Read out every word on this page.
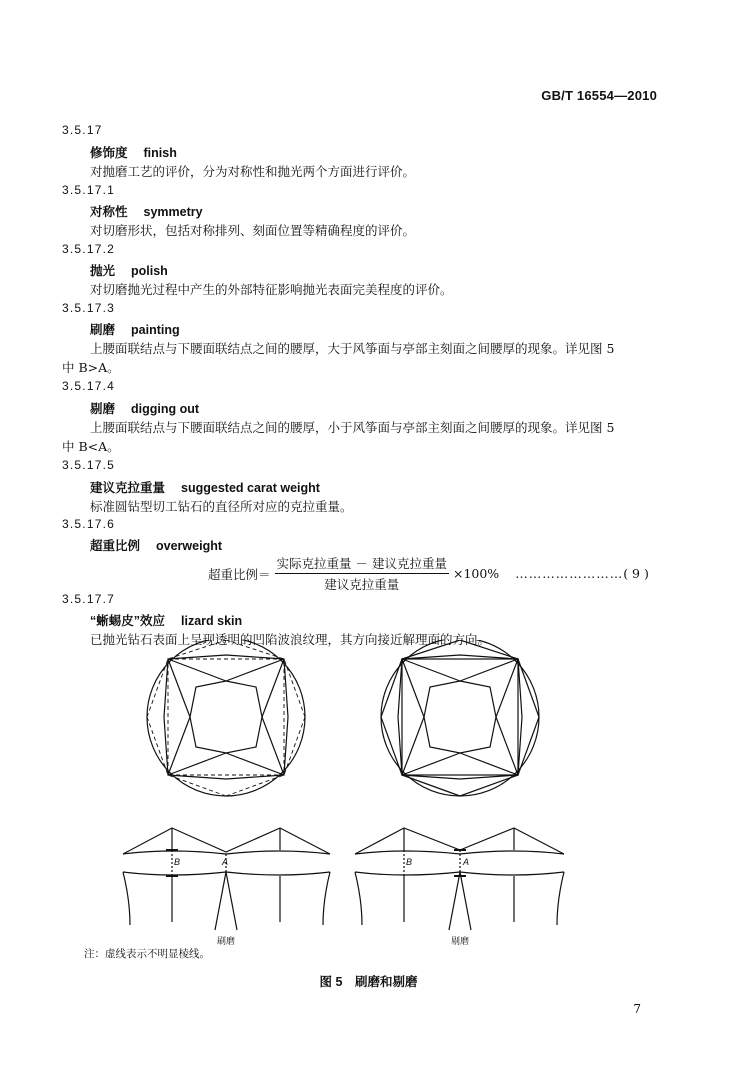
GB/T 16554—2010
3.5.17
修饰度 finish
对抛磨工艺的评价，分为对称性和抛光两个方面进行评价。
3.5.17.1
对称性 symmetry
对切磨形状，包括对称排列、刻面位置等精确程度的评价。
3.5.17.2
抛光 polish
对切磨抛光过程中产生的外部特征影响抛光表面完美程度的评价。
3.5.17.3
刷磨 painting
上腰面联结点与下腰面联结点之间的腰厚，大于风筝面与亭部主刻面之间腰厚的现象。详见图 5
中 B>A。
3.5.17.4
剔磨 digging out
上腰面联结点与下腰面联结点之间的腰厚，小于风筝面与亭部主刻面之间腰厚的现象。详见图 5
中 B<A。
3.5.17.5
建议克拉重量 suggested carat weight
标准圆钻型切工钻石的直径所对应的克拉重量。
3.5.17.6
超重比例 overweight
超重比例＝ $\frac{\text{实际克拉重量 － 建议克拉重量}}{\text{建议克拉重量}} \times 100\%$ …………………… ( 9 )
3.5.17.7
“蜥蜴皮”效应 lizard skin
已抛光钻石表面上呈现透明的凹陷波浪纹理，其方向接近解理面的方向。
B	A	B	A
刷磨	剔磨
注：虚线表示不明显棱线。
图 5　刷磨和剔磨
7
